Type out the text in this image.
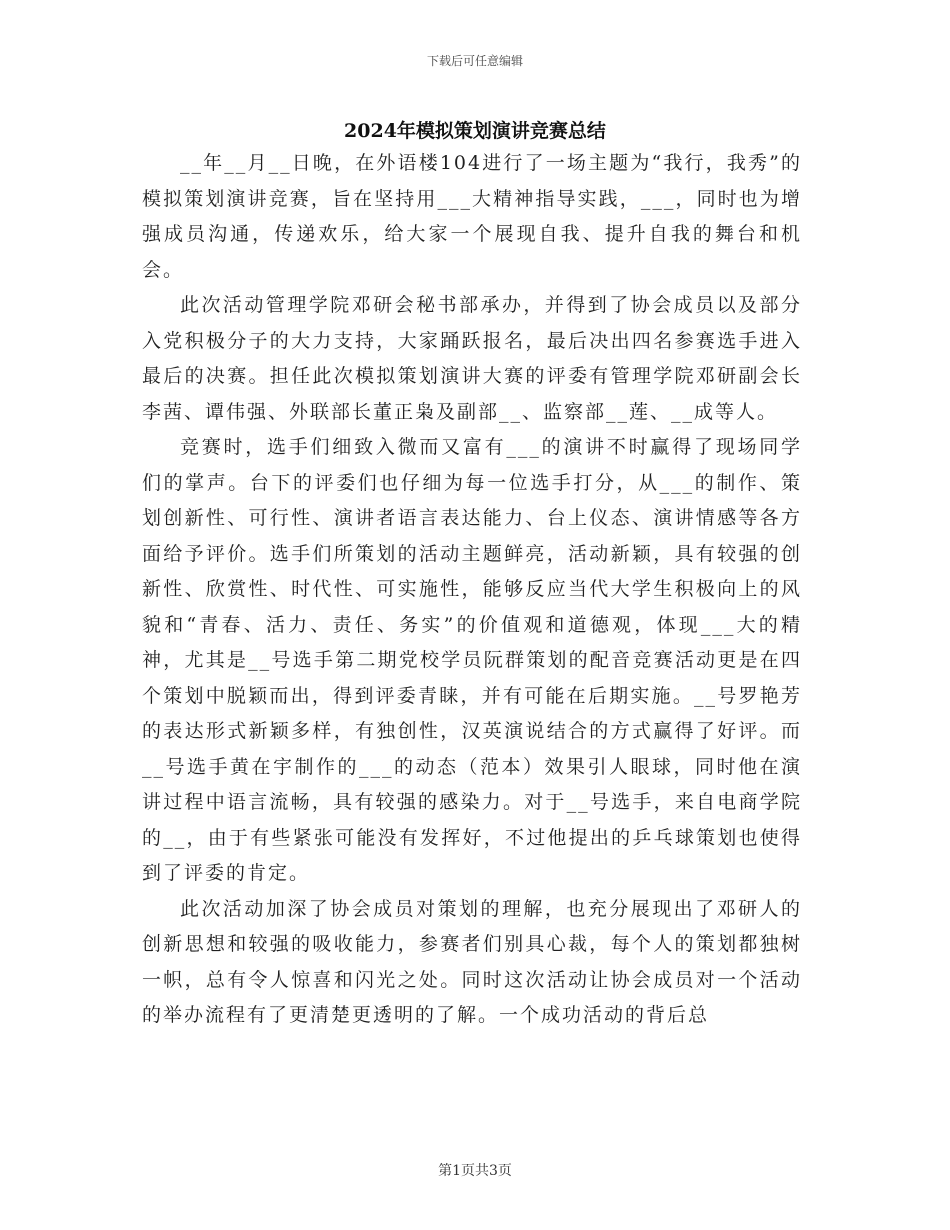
下载后可任意编辑
2024年模拟策划演讲竞赛总结

__年__月__日晚，在外语楼104进行了一场主题为“我行，我秀”的模拟策划演讲竞赛，旨在坚持用___大精神指导实践，___，同时也为增强成员沟通，传递欢乐，给大家一个展现自我、提升自我的舞台和机会。

此次活动管理学院邓研会秘书部承办，并得到了协会成员以及部分入党积极分子的大力支持，大家踊跃报名，最后决出四名参赛选手进入最后的决赛。担任此次模拟策划演讲大赛的评委有管理学院邓研副会长李茜、谭伟强、外联部长董正枭及副部__、监察部__莲、__成等人。

竞赛时，选手们细致入微而又富有___的演讲不时赢得了现场同学们的掌声。台下的评委们也仔细为每一位选手打分，从___的制作、策划创新性、可行性、演讲者语言表达能力、台上仪态、演讲情感等各方面给予评价。选手们所策划的活动主题鲜亮，活动新颖，具有较强的创新性、欣赏性、时代性、可实施性，能够反应当代大学生积极向上的风貌和“青春、活力、责任、务实”的价值观和道德观，体现___大的精神，尤其是__号选手第二期党校学员阮群策划的配音竞赛活动更是在四个策划中脱颖而出，得到评委青睐，并有可能在后期实施。__号罗艳芳的表达形式新颖多样，有独创性，汉英演说结合的方式赢得了好评。而__号选手黄在宇制作的___的动态（范本）效果引人眼球，同时他在演讲过程中语言流畅，具有较强的感染力。对于__号选手，来自电商学院的__，由于有些紧张可能没有发挥好，不过他提出的乒乓球策划也使得到了评委的肯定。

此次活动加深了协会成员对策划的理解，也充分展现出了邓研人的创新思想和较强的吸收能力，参赛者们别具心裁，每个人的策划都独树一帜，总有令人惊喜和闪光之处。同时这次活动让协会成员对一个活动的举办流程有了更清楚更透明的了解。一个成功活动的背后总

第1页共3页
